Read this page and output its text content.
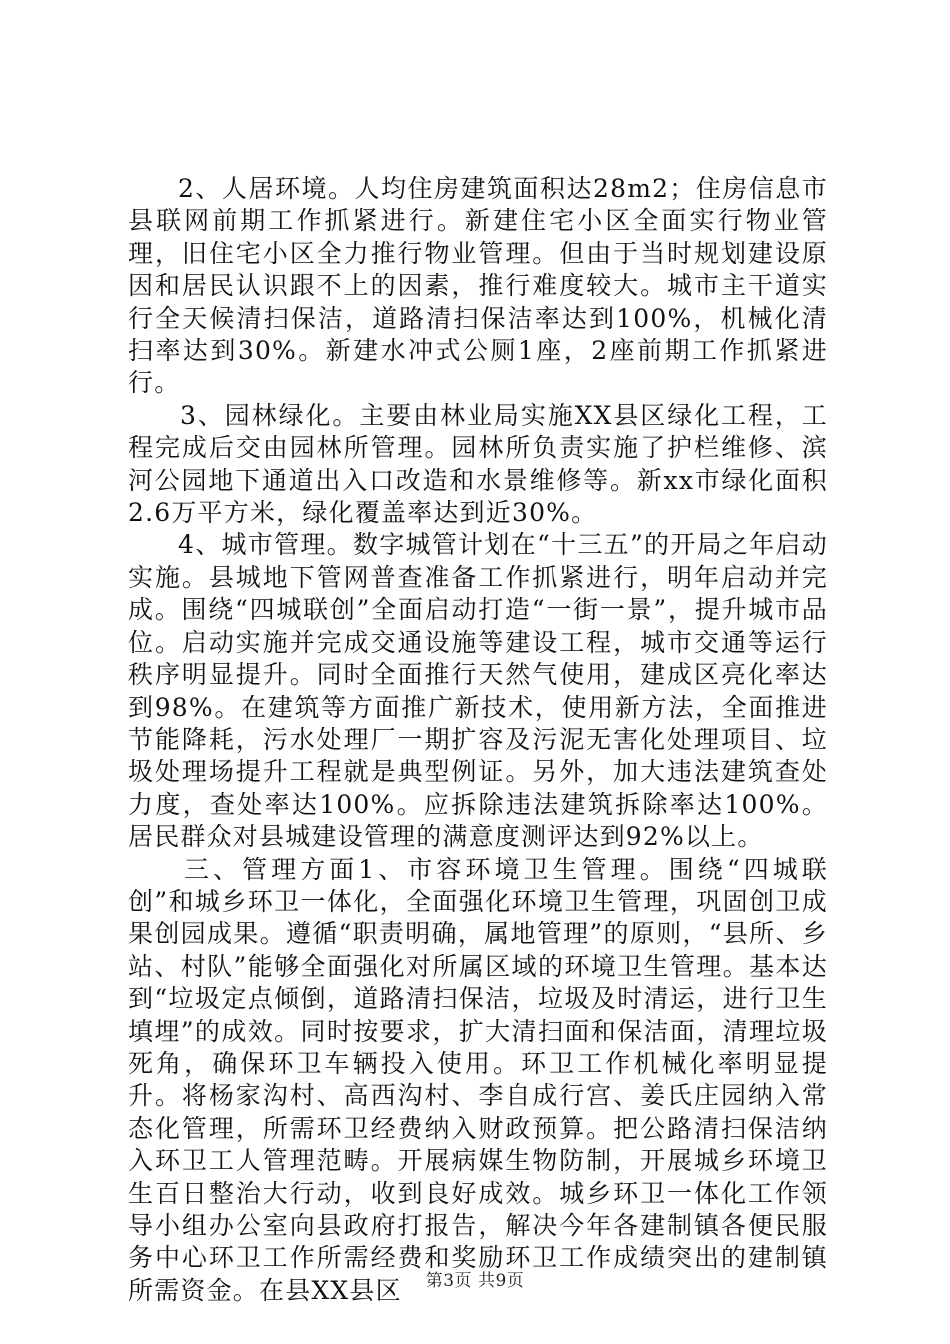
2、人居环境。人均住房建筑面积达28m2；住房信息市县联网前期工作抓紧进行。新建住宅小区全面实行物业管理，旧住宅小区全力推行物业管理。但由于当时规划建设原因和居民认识跟不上的因素，推行难度较大。城市主干道实行全天候清扫保洁，道路清扫保洁率达到100%，机械化清扫率达到30%。新建水冲式公厕1座，2座前期工作抓紧进行。

3、园林绿化。主要由林业局实施XX县区绿化工程，工程完成后交由园林所管理。园林所负责实施了护栏维修、滨河公园地下通道出入口改造和水景维修等。新xx市绿化面积2.6万平方米，绿化覆盖率达到近30%。

4、城市管理。数字城管计划在“十三五”的开局之年启动实施。县城地下管网普查准备工作抓紧进行，明年启动并完成。围绕“四城联创”全面启动打造“一街一景”，提升城市品位。启动实施并完成交通设施等建设工程，城市交通等运行秩序明显提升。同时全面推行天然气使用，建成区亮化率达到98%。在建筑等方面推广新技术，使用新方法，全面推进节能降耗，污水处理厂一期扩容及污泥无害化处理项目、垃圾处理场提升工程就是典型例证。另外，加大违法建筑查处力度，查处率达100%。应拆除违法建筑拆除率达100%。居民群众对县城建设管理的满意度测评达到92%以上。

三、管理方面1、市容环境卫生管理。围绕“四城联创”和城乡环卫一体化，全面强化环境卫生管理，巩固创卫成果创园成果。遵循“职责明确，属地管理”的原则，“县所、乡站、村队”能够全面强化对所属区域的环境卫生管理。基本达到“垃圾定点倾倒，道路清扫保洁，垃圾及时清运，进行卫生填埋”的成效。同时按要求，扩大清扫面和保洁面，清理垃圾死角，确保环卫车辆投入使用。环卫工作机械化率明显提升。将杨家沟村、高西沟村、李自成行宫、姜氏庄园纳入常态化管理，所需环卫经费纳入财政预算。把公路清扫保洁纳入环卫工人管理范畴。开展病媒生物防制，开展城乡环境卫生百日整治大行动，收到良好成效。城乡环卫一体化工作领导小组办公室向县政府打报告，解决今年各建制镇各便民服务中心环卫工作所需经费和奖励环卫工作成绩突出的建制镇所需资金。在县XX县区	第3页 共9页
